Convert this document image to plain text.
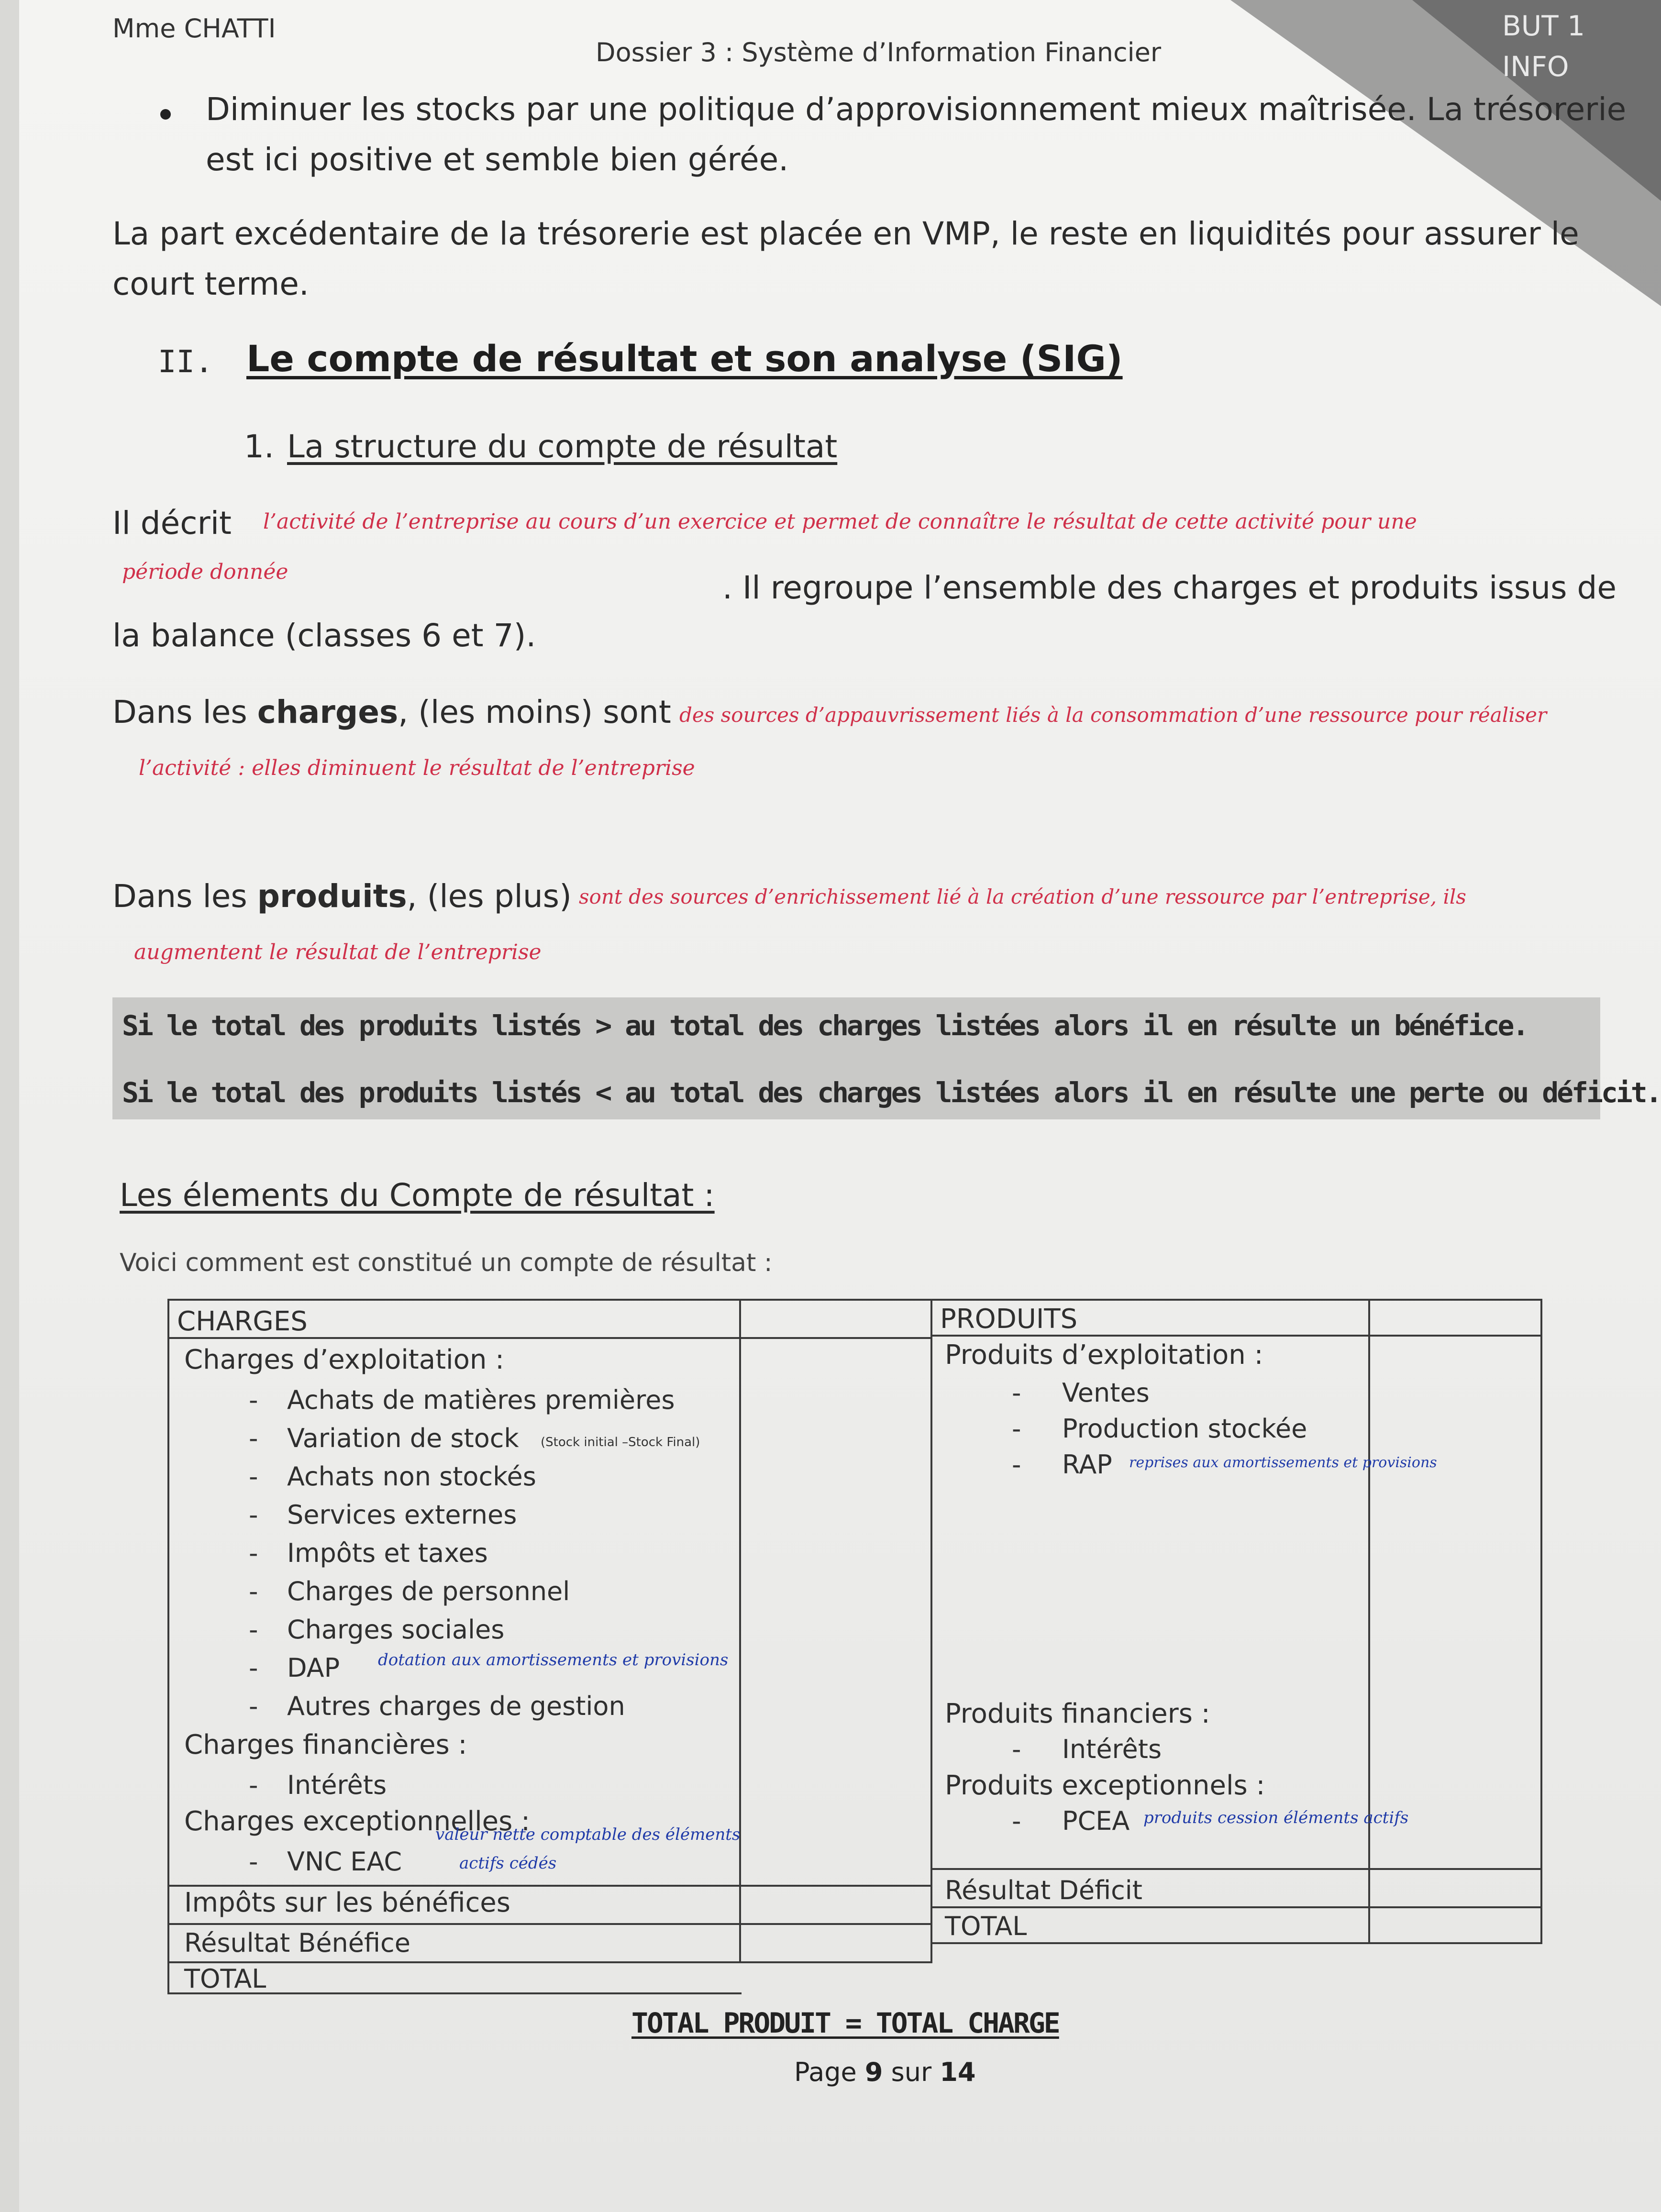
Mme CHATTI
Dossier 3 : Système d’Information Financier
BUT 1
INFO
Diminuer les stocks par une politique d’approvisionnement mieux maîtrisée. La trésorerie
est ici positive et semble bien gérée.
La part excédentaire de la trésorerie est placée en VMP, le reste en liquidités pour assurer le
court terme.
II. Le compte de résultat et son analyse (SIG)
1. La structure du compte de résultat
Il décrit l’activité de l’entreprise au cours d’un exercice et permet de connaître le résultat de cette activité pour une
période donnée	. Il regroupe l’ensemble des charges et produits issus de
la balance (classes 6 et 7).
Dans les charges, (les moins) sont des sources d’appauvrissement liés à la consommation d’une ressource pour réaliser
l’activité : elles diminuent le résultat de l’entreprise
Dans les produits, (les plus) sont des sources d’enrichissement lié à la création d’une ressource par l’entreprise, ils
augmentent le résultat de l’entreprise
Si le total des produits listés > au total des charges listées alors il en résulte un bénéfice.
Si le total des produits listés < au total des charges listées alors il en résulte une perte ou déficit.
Les élements du Compte de résultat :
Voici comment est constitué un compte de résultat :
CHARGES	PRODUITS
Charges d’exploitation :
- Achats de matières premières
- Variation de stock (Stock initial –Stock Final)
- Achats non stockés
- Services externes
- Impôts et taxes
- Charges de personnel
- Charges sociales
- DAP dotation aux amortissements et provisions
- Autres charges de gestion
Charges financières :
- Intérêts
Charges exceptionnelles :
- VNC EAC
valeur nette comptable des éléments
actifs cédés
Impôts sur les bénéfices
Résultat Bénéfice
TOTAL
Produits d’exploitation :
- Ventes
- Production stockée
- RAP reprises aux amortissements et provisions
Produits financiers :
- Intérêts
Produits exceptionnels :
- PCEA produits cession éléments actifs
Résultat Déficit
TOTAL
TOTAL PRODUIT = TOTAL CHARGE
Page 9 sur 14
